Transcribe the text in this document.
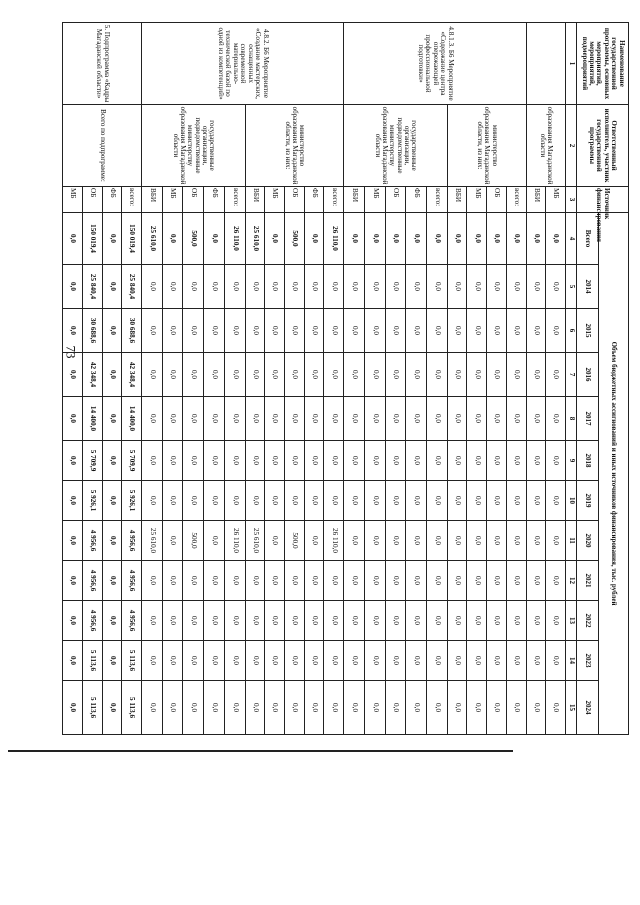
73
Наименование государственной программы, основных мероприятий, мероприятий, подмероприятий	Ответственный исполнитель, участник государственной программы	Источник финансирования	Объем бюджетных ассигнований и иных источников финансирования, тыс. рублей											
			Всего	2014	2015	2016	2017	2018	2019	2020	2021	2022	2023	2024
1	2	3	4	5	6	7	8	9	10	11	12	13	14	15
	образования Магаданской области	МБ	0,0	0,0	0,0	0,0	0,0	0,0	0,0	0,0	0,0	0,0	0,0	0,0
		ВБИ	0,0	0,0	0,0	0,0	0,0	0,0	0,0	0,0	0,0	0,0	0,0	0,0
4.8.1.3. Б6 Мероприятие «Содержание центра опережающей профессиональной подготовки»	министерство образования Магаданской области, из них:	всего:	0,0	0,0	0,0	0,0	0,0	0,0	0,0	0,0	0,0	0,0	0,0	0,0
		ОБ	0,0	0,0	0,0	0,0	0,0	0,0	0,0	0,0	0,0	0,0	0,0	0,0
		МБ	0,0	0,0	0,0	0,0	0,0	0,0	0,0	0,0	0,0	0,0	0,0	0,0
		ВБИ	0,0	0,0	0,0	0,0	0,0	0,0	0,0	0,0	0,0	0,0	0,0	0,0
	государственные организации, подведомственные министерству образования Магаданской области	всего:	0,0	0,0	0,0	0,0	0,0	0,0	0,0	0,0	0,0	0,0	0,0	0,0
		ФБ	0,0	0,0	0,0	0,0	0,0	0,0	0,0	0,0	0,0	0,0	0,0	0,0
		ОБ	0,0	0,0	0,0	0,0	0,0	0,0	0,0	0,0	0,0	0,0	0,0	0,0
		МБ	0,0	0,0	0,0	0,0	0,0	0,0	0,0	0,0	0,0	0,0	0,0	0,0
		ВБИ	0,0	0,0	0,0	0,0	0,0	0,0	0,0	0,0	0,0	0,0	0,0	0,0
4.8.2. Б6 Мероприятие «Создание мастерских, оснащенных современной материально-технической базой по одной из компетенций»	министерство образования Магаданской области, из них:	всего:	26 110,0	0,0	0,0	0,0	0,0	0,0	0,0	26 110,0	0,0	0,0	0,0	0,0
		ФБ	0,0	0,0	0,0	0,0	0,0	0,0	0,0	0,0	0,0	0,0	0,0	0,0
		ОБ	500,0	0,0	0,0	0,0	0,0	0,0	0,0	500,0	0,0	0,0	0,0	0,0
		МБ	0,0	0,0	0,0	0,0	0,0	0,0	0,0	0,0	0,0	0,0	0,0	0,0
		ВБИ	25 610,0	0,0	0,0	0,0	0,0	0,0	0,0	25 610,0	0,0	0,0	0,0	0,0
	государственные организации, подведомственные министерству образования Магаданской области	всего:	26 110,0	0,0	0,0	0,0	0,0	0,0	0,0	26 110,0	0,0	0,0	0,0	0,0
		ФБ	0,0	0,0	0,0	0,0	0,0	0,0	0,0	0,0	0,0	0,0	0,0	0,0
		ОБ	500,0	0,0	0,0	0,0	0,0	0,0	0,0	500,0	0,0	0,0	0,0	0,0
		МБ	0,0	0,0	0,0	0,0	0,0	0,0	0,0	0,0	0,0	0,0	0,0	0,0
		ВБИ	25 610,0	0,0	0,0	0,0	0,0	0,0	0,0	25 610,0	0,0	0,0	0,0	0,0
5. Подпрограмма «Кадры Магаданской области»	Всего по подпрограмме:	всего:	150 019,4	25 840,4	30 688,6	42 348,4	14 400,0	5 709,9	5 926,1	4 956,6	4 956,6	4 956,6	5 113,6	5 113,6
		ФБ	0,0	0,0	0,0	0,0	0,0	0,0	0,0	0,0	0,0	0,0	0,0	0,0
		ОБ	150 019,4	25 840,4	30 688,6	42 348,4	14 400,0	5 709,9	5 926,1	4 956,6	4 956,6	4 956,6	5 113,6	5 113,6
		МБ	0,0	0,0	0,0	0,0	0,0	0,0	0,0	0,0	0,0	0,0	0,0	0,0
